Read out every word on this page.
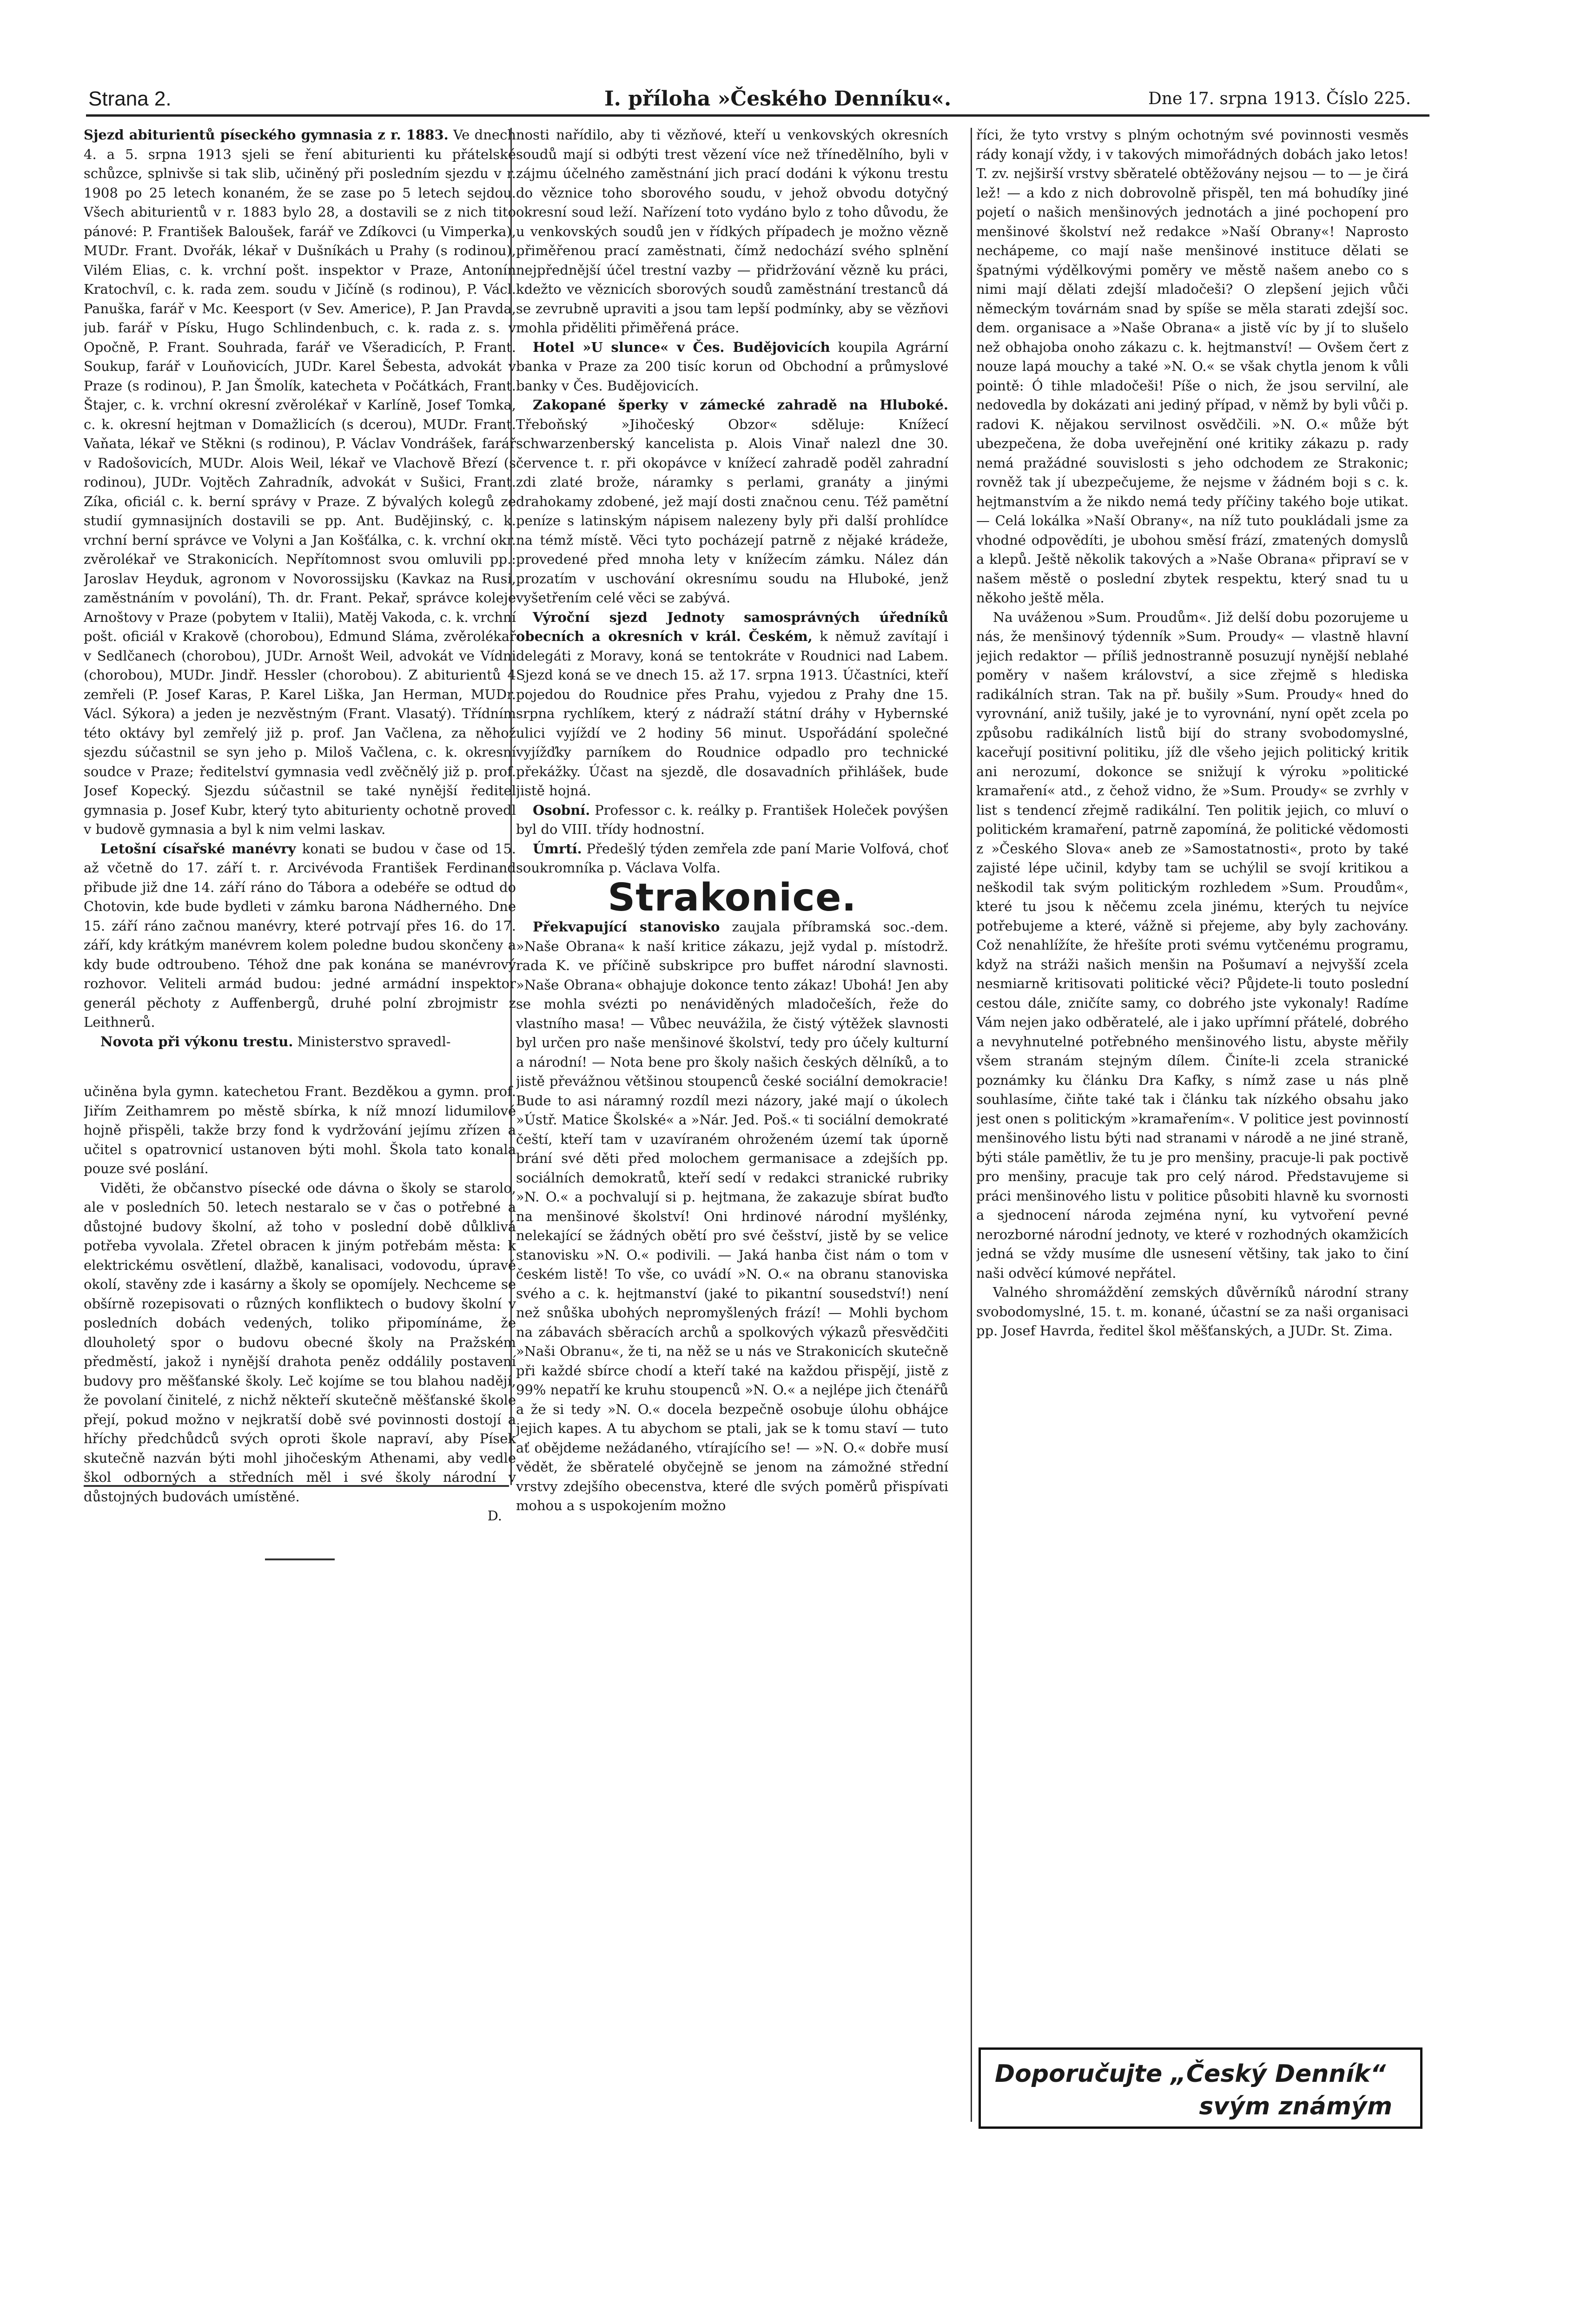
Strana 2.	I. příloha »Českého Denníku«.	Dne 17. srpna 1913. Číslo 225.

Sjezd abiturientů píseckého gymnasia z r. 1883. Ve dnech 4. a 5. srpna 1913 sjeli se ření abiturienti ku přátelské schůzce, splnivše si tak slib, učiněný při posledním sjezdu v r. 1908 po 25 letech konaném, že se zase po 5 letech sejdou. Všech abiturientů v r. 1883 bylo 28, a dostavili se z nich tito pánové: P. František Baloušek, farář ve Zdíkovci (u Vimperka), MUDr. Frant. Dvořák, lékař v Dušníkách u Prahy (s rodinou), Vilém Elias, c. k. vrchní pošt. inspektor v Praze, Antonín Kratochvíl, c. k. rada zem. soudu v Jičíně (s rodinou), P. Václ. Panuška, farář v Mc. Keesport (v Sev. Americe), P. Jan Pravda, jub. farář v Písku, Hugo Schlindenbuch, c. k. rada z. s. v Opočně, P. Frant. Souhrada, farář ve Všeradicích, P. Frant. Soukup, farář v Louňovicích, JUDr. Karel Šebesta, advokát v Praze (s rodinou), P. Jan Šmolík, katecheta v Počátkách, Frant. Štajer, c. k. vrchní okresní zvěrolékař v Karlíně, Josef Tomka, c. k. okresní hejtman v Domažlicích (s dcerou), MUDr. Frant. Vaňata, lékař ve Stěkni (s rodinou), P. Václav Vondrášek, farář v Radošovicích, MUDr. Alois Weil, lékař ve Vlachově Březí (s rodinou), JUDr. Vojtěch Zahradník, advokát v Sušici, Frant. Zíka, oficiál c. k. berní správy v Praze. Z bývalých kolegů ze studií gymnasijních dostavili se pp. Ant. Budějinský, c. k. vrchní berní správce ve Volyni a Jan Košťálka, c. k. vrchní okr. zvěrolékař ve Strakonicích. Nepřítomnost svou omluvili pp.: Jaroslav Heyduk, agronom v Novorossijsku (Kavkaz na Rusi, zaměstnáním v povolání), Th. dr. Frant. Pekař, správce koleje Arnoštovy v Praze (pobytem v Italii), Matěj Vakoda, c. k. vrchní pošt. oficiál v Krakově (chorobou), Edmund Sláma, zvěrolékař v Sedlčanech (chorobou), JUDr. Arnošt Weil, advokát ve Vídni (chorobou), MUDr. Jindř. Hessler (chorobou). Z abiturientů 4 zemřeli (P. Josef Karas, P. Karel Liška, Jan Herman, MUDr. Václ. Sýkora) a jeden je nezvěstným (Frant. Vlasatý). Třídním této oktávy byl zemřelý již p. prof. Jan Vačlena, za něhož sjezdu súčastnil se syn jeho p. Miloš Vačlena, c. k. okresní soudce v Praze; ředitelství gymnasia vedl zvěčnělý již p. prof. Josef Kopecký. Sjezdu súčastnil se také nynější ředitel gymnasia p. Josef Kubr, který tyto abiturienty ochotně provedl v budově gymnasia a byl k nim velmi laskav.

Letošní císařské manévry konati se budou v čase od 15. až včetně do 17. září t. r. Arcivévoda František Ferdinand přibude již dne 14. září ráno do Tábora a odebéře se odtud do Chotovin, kde bude bydleti v zámku barona Nádherného. Dne 15. září ráno začnou manévry, které potrvají přes 16. do 17. září, kdy krátkým manévrem kolem poledne budou skončeny a kdy bude odtroubeno. Téhož dne pak konána se manévrový rozhovor. Veliteli armád budou: jedné armádní inspektor generál pěchoty z Auffenbergů, druhé polní zbrojmistr z Leithnerů.

Novota při výkonu trestu. Ministerstvo spravedl-

učiněna byla gymn. katechetou Frant. Bezděkou a gymn. prof. Jiřím Zeithamrem po městě sbírka, k níž mnozí lidumilové hojně přispěli, takže brzy fond k vydržování jejímu zřízen a učitel s opatrovnicí ustanoven býti mohl. Škola tato konala pouze své poslání.

Viděti, že občanstvo písecké ode dávna o školy se starolo, ale v posledních 50. letech nestaralo se v čas o potřebné a důstojné budovy školní, až toho v poslední době důlklivá potřeba vyvolala. Zřetel obracen k jiným potřebám města: k elektrickému osvětlení, dlažbě, kanalisaci, vodovodu, úpravě okolí, stavěny zde i kasárny a školy se opomíjely. Nechceme se obšírně rozepisovati o různých konfliktech o budovy školní v posledních dobách vedených, toliko připomínáme, že dlouholetý spor o budovu obecné školy na Pražském předměstí, jakož i nynější drahota peněz oddálily postavení budovy pro měšťanské školy. Leč kojíme se tou blahou nadějí, že povolaní činitelé, z nichž někteří skutečně měšťanské škole přejí, pokud možno v nejkratší době své povinnosti dostojí a hříchy předchůdců svých oproti škole napraví, aby Písek skutečně nazván býti mohl jihočeským Athenami, aby vedle škol odborných a středních měl i své školy národní v důstojných budovách umístěné.

D.

nosti nařídilo, aby ti vězňové, kteří u venkovských okresních soudů mají si odbýti trest vězení více než třínedělního, byli v zájmu účelného zaměstnání jich prací dodáni k výkonu trestu do věznice toho sborového soudu, v jehož obvodu dotyčný okresní soud leží. Nařízení toto vydáno bylo z toho důvodu, že u venkovských soudů jen v řídkých případech je možno vězně přiměřenou prací zaměstnati, čímž nedochází svého splnění nejpřednější účel trestní vazby — přidržování vězně ku práci, kdežto ve věznicích sborových soudů zaměstnání trestanců dá se zevrubně upraviti a jsou tam lepší podmínky, aby se vězňovi mohla přiděliti přiměřená práce.

Hotel »U slunce« v Čes. Budějovicích koupila Agrární banka v Praze za 200 tisíc korun od Obchodní a průmyslové banky v Čes. Budějovicích.

Zakopané šperky v zámecké zahradě na Hluboké. Třeboňský »Jihočeský Obzor« sděluje: Knížecí schwarzenberský kancelista p. Alois Vinař nalezl dne 30. července t. r. při okopávce v knížecí zahradě poděl zahradní zdi zlaté brože, náramky s perlami, granáty a jinými drahokamy zdobené, jež mají dosti značnou cenu. Též pamětní peníze s latinským nápisem nalezeny byly při další prohlídce na témž místě. Věci tyto pocházejí patrně z nějaké krádeže, provedené před mnoha lety v knížecím zámku. Nález dán prozatím v uschování okresnímu soudu na Hluboké, jenž vyšetřením celé věci se zabývá.

Výroční sjezd Jednoty samosprávných úředníků obecních a okresních v král. Českém, k němuž zavítají i delegáti z Moravy, koná se tentokráte v Roudnici nad Labem. Sjezd koná se ve dnech 15. až 17. srpna 1913. Účastníci, kteří pojedou do Roudnice přes Prahu, vyjedou z Prahy dne 15. srpna rychlíkem, který z nádraží státní dráhy v Hybernské ulici vyjíždí ve 2 hodiny 56 minut. Uspořádání společné vyjížďky parníkem do Roudnice odpadlo pro technické překážky. Účast na sjezdě, dle dosavadních přihlášek, bude jistě hojná.

Osobní. Professor c. k. reálky p. František Holeček povýšen byl do VIII. třídy hodnostní.

Úmrtí. Předešlý týden zemřela zde paní Marie Volfová, choť soukromníka p. Václava Volfa.

Strakonice.

Překvapující stanovisko zaujala příbramská soc.-dem. »Naše Obrana« k naší kritice zákazu, jejž vydal p. místodrž. rada K. ve příčině subskripce pro buffet národní slavnosti. »Naše Obrana« obhajuje dokonce tento zákaz! Ubohá! Jen aby se mohla svézti po nenáviděných mladočeších, řeže do vlastního masa! — Vůbec neuvážila, že čistý výtěžek slavnosti byl určen pro naše menšinové školství, tedy pro účely kulturní a národní! — Nota bene pro školy našich českých dělníků, a to jistě převážnou většinou stoupenců české sociální demokracie! Bude to asi náramný rozdíl mezi názory, jaké mají o úkolech »Ústř. Matice Školské« a »Nár. Jed. Poš.« ti sociální demokraté čeští, kteří tam v uzavíraném ohroženém území tak úporně brání své děti před molochem germanisace a zdejších pp. sociálních demokratů, kteří sedí v redakci stranické rubriky »N. O.« a pochvalují si p. hejtmana, že zakazuje sbírat buďto na menšinové školství! Oni hrdinové národní myšlénky, nelekající se žádných obětí pro své češství, jistě by se velice stanovisku »N. O.« podivili. — Jaká hanba čist nám o tom v českém listě! To vše, co uvádí »N. O.« na obranu stanoviska svého a c. k. hejtmanství (jaké to pikantní sousedství!) není než snůška ubohých nepromyšlených frází! — Mohli bychom na zábavách sběracích archů a spolkových výkazů přesvědčiti »Naši Obranu«, že ti, na něž se u nás ve Strakonicích skutečně při každé sbírce chodí a kteří také na každou přispějí, jistě z 99% nepatří ke kruhu stoupenců »N. O.« a nejlépe jich čtenářů a že si tedy »N. O.« docela bezpečně osobuje úlohu obhájce jejich kapes. A tu abychom se ptali, jak se k tomu staví — tuto ať obějdeme nežádaného, vtírajícího se! — »N. O.« dobře musí vědět, že sběratelé obyčejně se jenom na zámožné střední vrstvy zdejšího obecenstva, které dle svých poměrů přispívati mohou a s uspokojením možno

říci, že tyto vrstvy s plným ochotným své povinnosti vesměs rády konají vždy, i v takových mimořádných dobách jako letos! T. zv. nejširší vrstvy sběratelé obtěžovány nejsou — to — je čirá lež! — a kdo z nich dobrovolně přispěl, ten má bohudíky jiné pojetí o našich menšinových jednotách a jiné pochopení pro menšinové školství než redakce »Naší Obrany«! Naprosto nechápeme, co mají naše menšinové instituce dělati se špatnými výdělkovými poměry ve městě našem anebo co s nimi mají dělati zdejší mladočeši? O zlepšení jejich vůči německým továrnám snad by spíše se měla starati zdejší soc. dem. organisace a »Naše Obrana« a jistě víc by jí to slušelo než obhajoba onoho zákazu c. k. hejtmanství! — Ovšem čert z nouze lapá mouchy a také »N. O.« se však chytla jenom k vůli pointě: Ó tihle mladočeši! Píše o nich, že jsou servilní, ale nedovedla by dokázati ani jediný případ, v němž by byli vůči p. radovi K. nějakou servilnost osvědčili. »N. O.« může být ubezpečena, že doba uveřejnění oné kritiky zákazu p. rady nemá pražádné souvislosti s jeho odchodem ze Strakonic; rovněž tak jí ubezpečujeme, že nejsme v žádném boji s c. k. hejtmanstvím a že nikdo nemá tedy příčiny takého boje utikat. — Celá lokálka »Naší Obrany«, na níž tuto poukládali jsme za vhodné odpovědíti, je ubohou směsí frází, zmatených domyslů a klepů. Ještě několik takových a »Naše Obrana« připraví se v našem městě o poslední zbytek respektu, který snad tu u někoho ještě měla.

Na uváženou »Sum. Proudům«. Již delší dobu pozorujeme u nás, že menšinový týdenník »Sum. Proudy« — vlastně hlavní jejich redaktor — příliš jednostranně posuzují nynější neblahé poměry v našem království, a sice zřejmě s hlediska radikálních stran. Tak na př. bušily »Sum. Proudy« hned do vyrovnání, aniž tušily, jaké je to vyrovnání, nyní opět zcela po způsobu radikálních listů bijí do strany svobodomyslné, kaceřují positivní politiku, jíž dle všeho jejich politický kritik ani nerozumí, dokonce se snižují k výroku »politické kramaření« atd., z čehož vidno, že »Sum. Proudy« se zvrhly v list s tendencí zřejmě radikální. Ten politik jejich, co mluví o politickém kramaření, patrně zapomíná, že politické vědomosti z »Českého Slova« aneb ze »Samostatnosti«, proto by také zajisté lépe učinil, kdyby tam se uchýlil se svojí kritikou a neškodil tak svým politickým rozhledem »Sum. Proudům«, které tu jsou k něčemu zcela jinému, kterých tu nejvíce potřebujeme a které, vážně si přejeme, aby byly zachovány. Což nenahlížíte, že hřešíte proti svému vytčenému programu, když na stráži našich menšin na Pošumaví a nejvyšší zcela nesmiarně kritisovati politické věci? Půjdete-li touto poslední cestou dále, zničíte samy, co dobrého jste vykonaly! Radíme Vám nejen jako odběratelé, ale i jako upřímní přátelé, dobrého a nevyhnutelné potřebného menšinového listu, abyste měřily všem stranám stejným dílem. Činíte-li zcela stranické poznámky ku článku Dra Kafky, s nímž zase u nás plně souhlasíme, čiňte také tak i článku tak nízkého obsahu jako jest onen s politickým »kramařením«. V politice jest povinností menšinového listu býti nad stranami v národě a ne jiné straně, býti stále pamětliv, že tu je pro menšiny, pracuje-li pak poctivě pro menšiny, pracuje tak pro celý národ. Představujeme si práci menšinového listu v politice působiti hlavně ku svornosti a sjednocení národa zejména nyní, ku vytvoření pevné nerozborné národní jednoty, ve které v rozhodných okamžicích jedná se vždy musíme dle usnesení většiny, tak jako to činí naši odvěcí kúmové nepřátel.

Valného shromáždění zemských důvěrníků národní strany svobodomyslné, 15. t. m. konané, účastní se za naši organisaci pp. Josef Havrda, ředitel škol měšťanských, a JUDr. St. Zima.

Doporučujte „Český Denník“
svým známým
